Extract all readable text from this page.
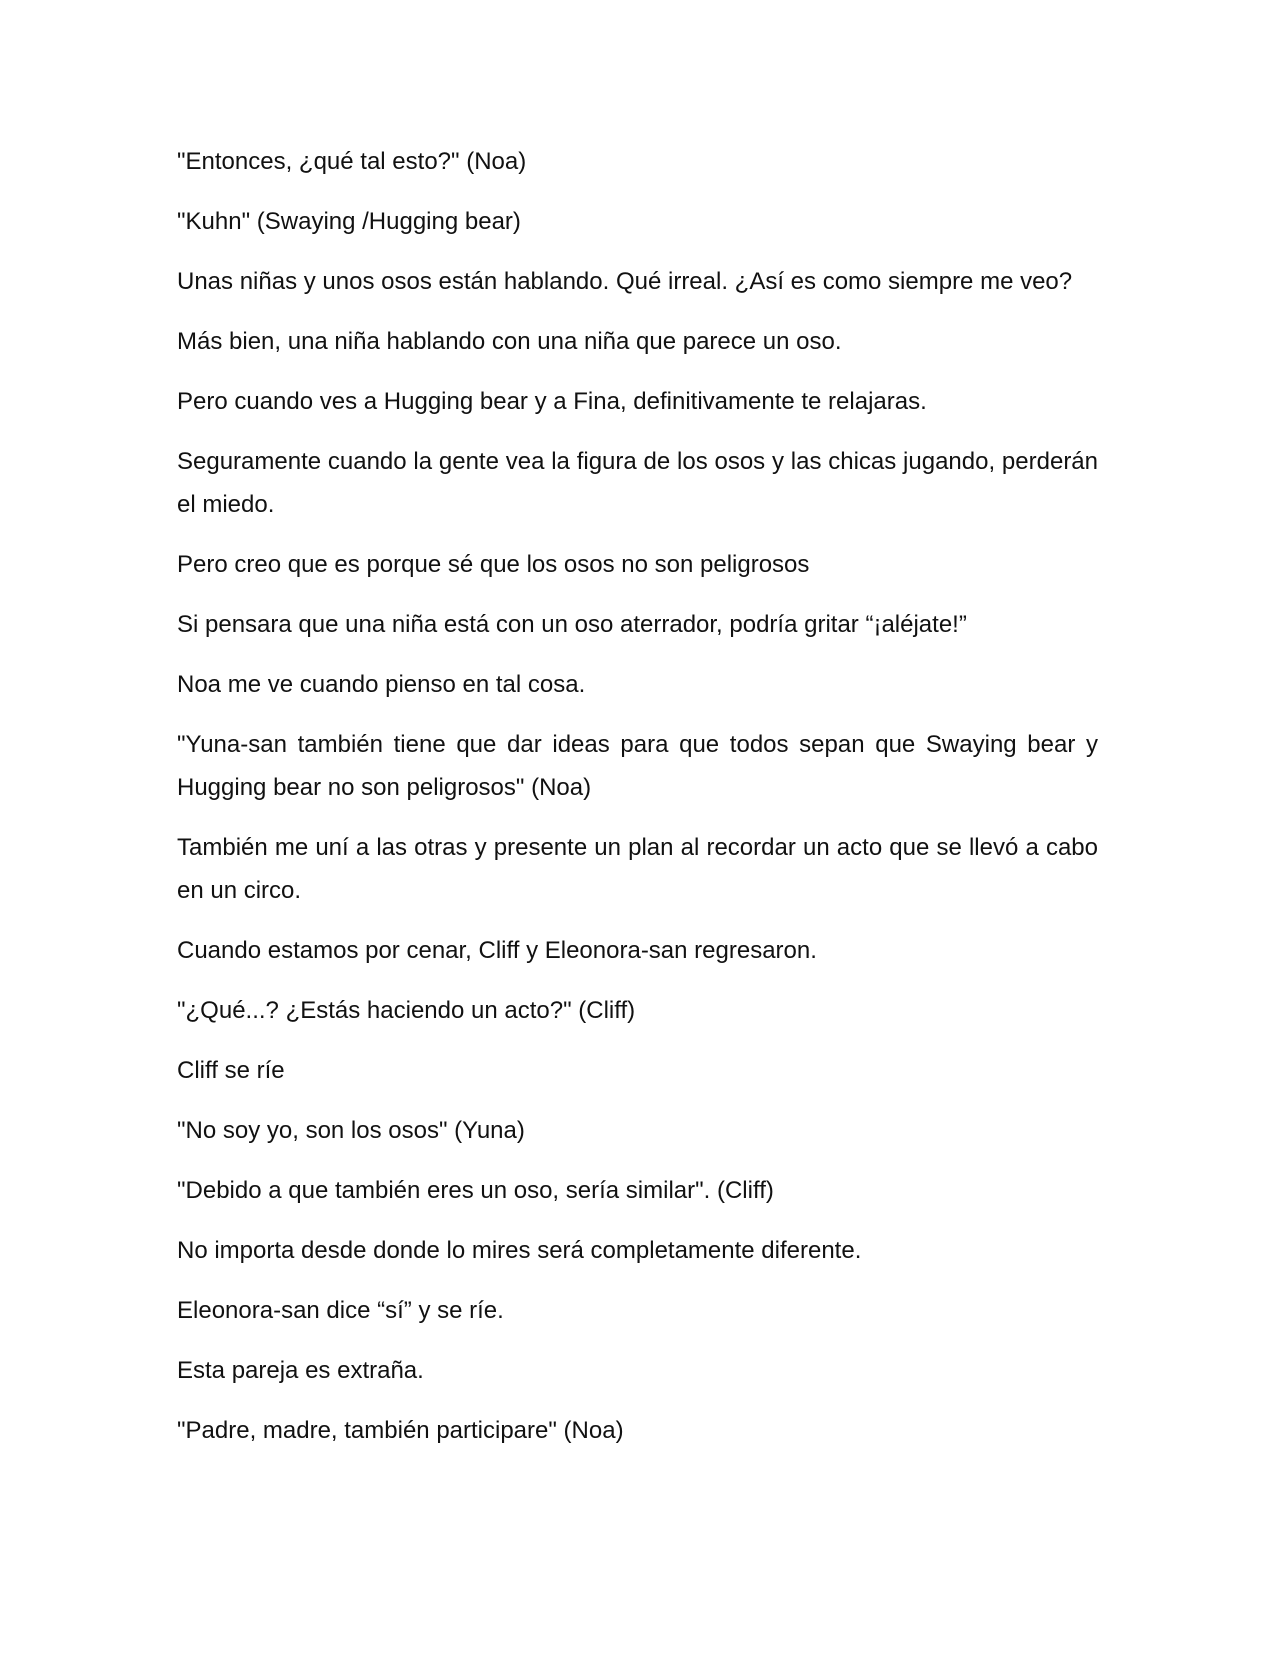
"Entonces, ¿qué tal esto?" (Noa)

"Kuhn" (Swaying /Hugging bear)

Unas niñas y unos osos están hablando. Qué irreal. ¿Así es como siempre me veo?

Más bien, una niña hablando con una niña que parece un oso.

Pero cuando ves a Hugging bear y a Fina, definitivamente te relajaras.

Seguramente cuando la gente vea la figura de los osos y las chicas jugando, perderán el miedo.

Pero creo que es porque sé que los osos no son peligrosos

Si pensara que una niña está con un oso aterrador, podría gritar “¡aléjate!”

Noa me ve cuando pienso en tal cosa.

"Yuna-san también tiene que dar ideas para que todos sepan que Swaying bear y Hugging bear no son peligrosos" (Noa)

También me uní a las otras y presente un plan al recordar un acto que se llevó a cabo en un circo.

Cuando estamos por cenar, Cliff y Eleonora-san regresaron.

"¿Qué...? ¿Estás haciendo un acto?" (Cliff)

Cliff se ríe

"No soy yo, son los osos" (Yuna)

"Debido a que también eres un oso, sería similar". (Cliff)

No importa desde donde lo mires será completamente diferente.

Eleonora-san dice “sí” y se ríe.

Esta pareja es extraña.

"Padre, madre, también participare" (Noa)
